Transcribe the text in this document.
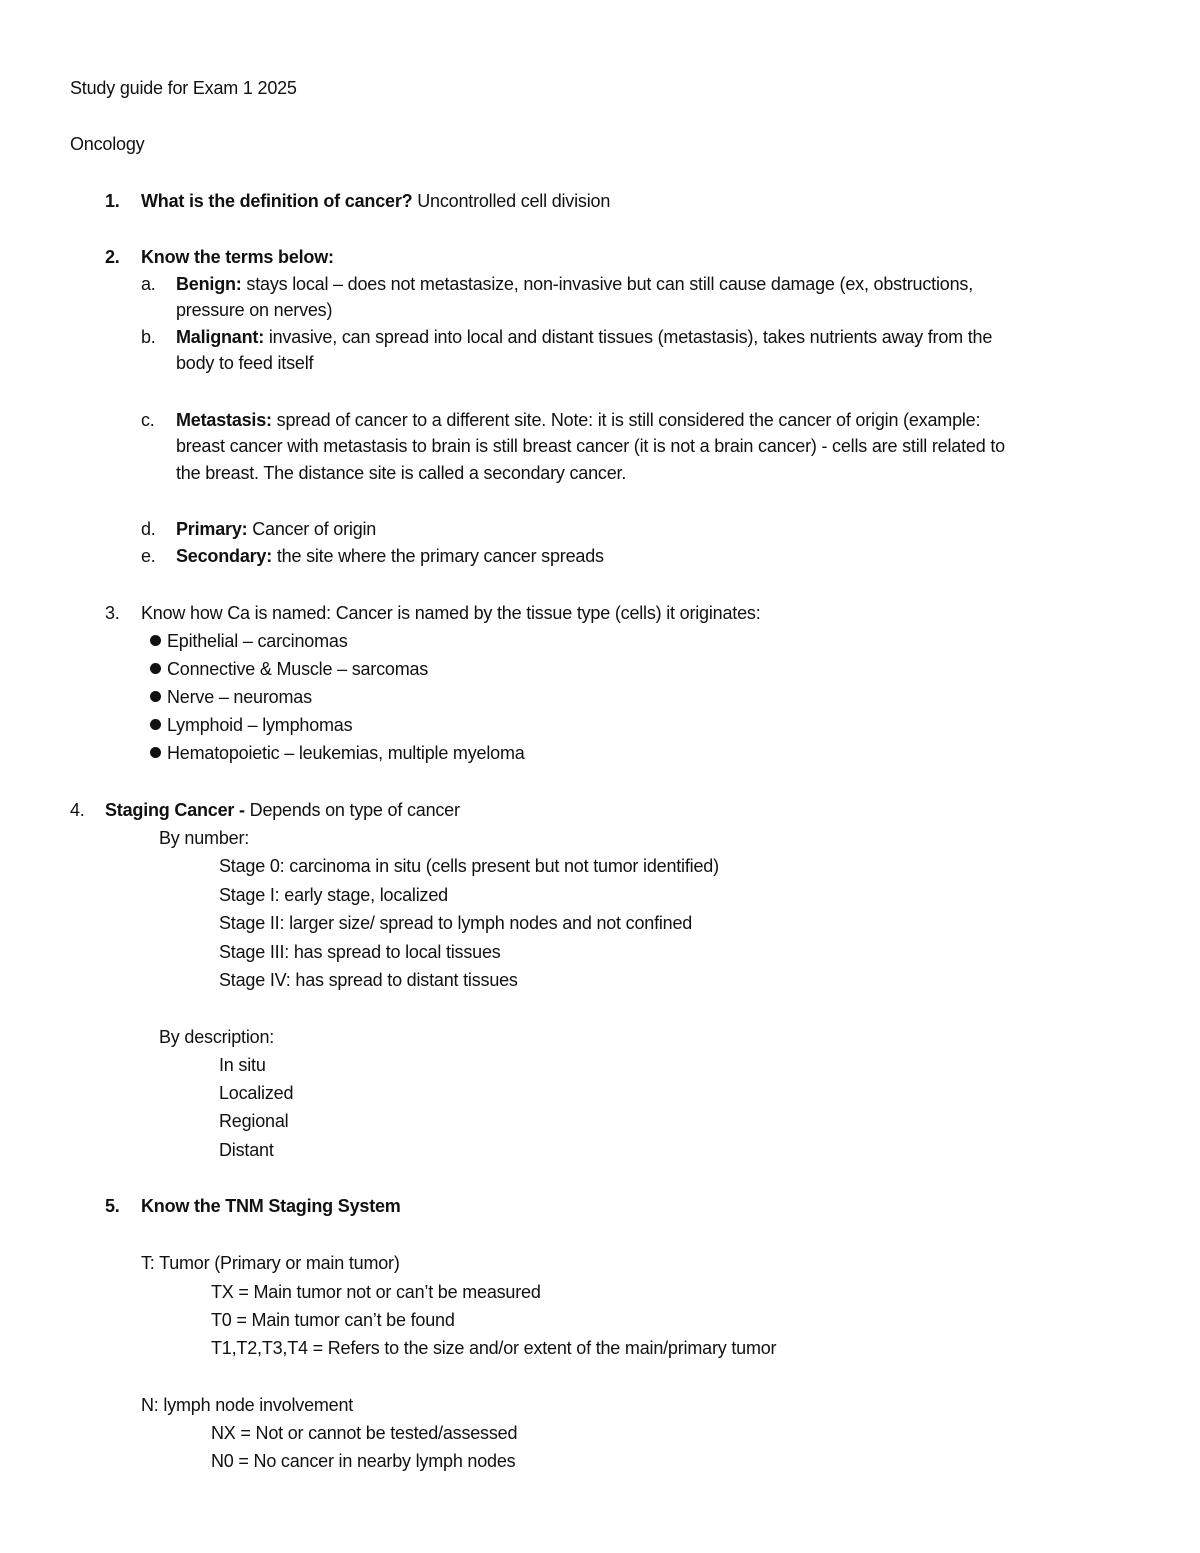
Study guide for Exam 1 2025
Oncology
1. What is the definition of cancer? Uncontrolled cell division
2. Know the terms below:
a. Benign: stays local – does not metastasize, non-invasive but can still cause damage (ex, obstructions,
pressure on nerves)
b. Malignant: invasive, can spread into local and distant tissues (metastasis), takes nutrients away from the
body to feed itself
c. Metastasis: spread of cancer to a different site. Note: it is still considered the cancer of origin (example:
breast cancer with metastasis to brain is still breast cancer (it is not a brain cancer) - cells are still related to
the breast. The distance site is called a secondary cancer.
d. Primary: Cancer of origin
e. Secondary: the site where the primary cancer spreads
3. Know how Ca is named: Cancer is named by the tissue type (cells) it originates:
Epithelial – carcinomas
Connective & Muscle – sarcomas
Nerve – neuromas
Lymphoid – lymphomas
Hematopoietic – leukemias, multiple myeloma
4. Staging Cancer - Depends on type of cancer
By number:
Stage 0: carcinoma in situ (cells present but not tumor identified)
Stage I: early stage, localized
Stage II: larger size/ spread to lymph nodes and not confined
Stage III: has spread to local tissues
Stage IV: has spread to distant tissues
By description:
In situ
Localized
Regional
Distant
5. Know the TNM Staging System
T: Tumor (Primary or main tumor)
TX = Main tumor not or can’t be measured
T0 = Main tumor can’t be found
T1,T2,T3,T4 = Refers to the size and/or extent of the main/primary tumor
N: lymph node involvement
NX = Not or cannot be tested/assessed
N0 = No cancer in nearby lymph nodes
